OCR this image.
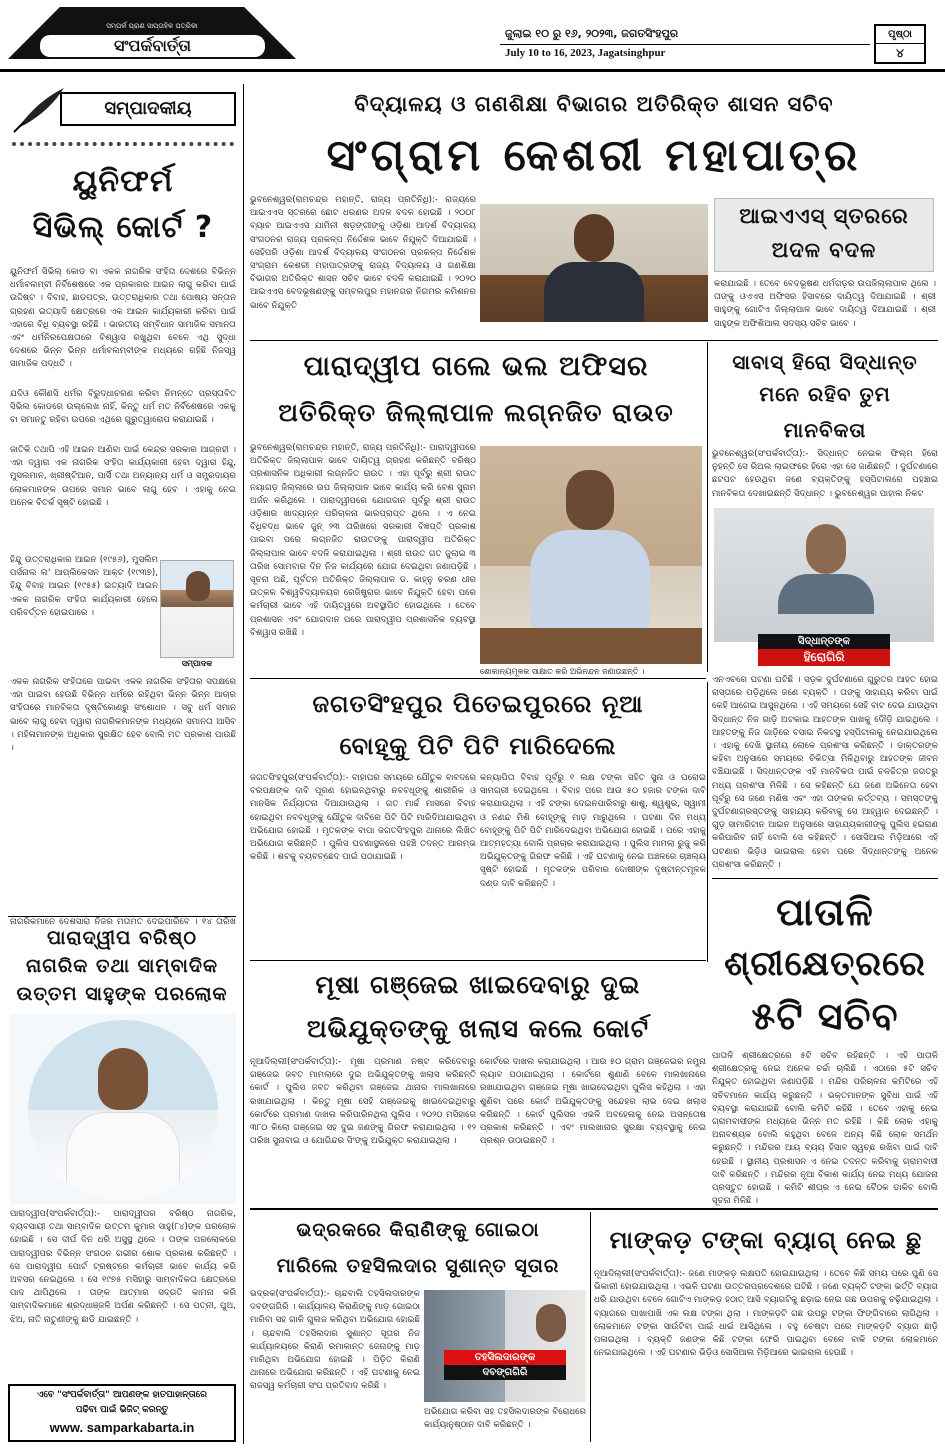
ସମ୍ପର୍କ ପ୍ରାଣ ସାପ୍ତାହିକ ପତ୍ରିକା
ସଂପର୍କବାର୍ତ୍ତା
ଜୁଲାଇ ୧୦ ରୁ ୧୬, ୨୦୨୩, ଜଗତସିଂହପୁର
July 10 to 16, 2023, Jagatsinghpur
ପୃଷ୍ଠା
୪
ସମ୍ପାଦକୀୟ
ୟୁନିଫର୍ମ
ସିଭିଲ୍ କୋର୍ଟ ?
ୟୁନିଫର୍ମ ସିଭିଲ୍ କୋଡ ବା ଏକକ ନାଗରିକ ସଂହିତା ଦେଶରେ ବିଭିନ୍ନ ଧର୍ମାବଲମ୍ବୀ ନିର୍ବିଶେଷରେ ଏକ ପ୍ରକାରର ଆଇନ ଲାଗୁ କରିବା ପାଇଁ ଉଦ୍ଦିଷ୍ଟ । ବିବାହ, ଛାଡପତ୍ର, ଉତ୍ତରାଧିକାର ତଥା ପୋଷ୍ୟ ସନ୍ତାନ ଗ୍ରହଣ ଇତ୍ୟାଦି କ୍ଷେତ୍ରରେ ଏକ ଆଇନ କାର୍ଯ୍ୟକାରୀ କରିବା ପାଇଁ ଏହାରେ ବିଧି ବ୍ୟବସ୍ଥା ରହିଛି । ଭାରତୀୟ ସମ୍ବିଧାନ ସାମାଜିକ ସମାନତା ଏବଂ ଧର୍ମନିରପେକ୍ଷତାରେ ବିଶ୍ୱାସ ରଖୁଥିବା ବେଳେ ଏଥି ସୁଦ୍ଧା ଦେଶରେ ଭିନ୍ନ ଭିନ୍ନ ଧର୍ମାବଲମ୍ବୀଙ୍କ ମଧ୍ୟରେ ରହିଛି ନିଜସ୍ୱ ସାମାଜିକ ପଦ୍ଧତି ।
ଯଦିଓ କୌଣସି ଧର୍ମର ବିରୁଦ୍ଧାଚରଣ କରିବା ନିମନ୍ତେ ପ୍ରସ୍ତାବିତ ସିଭିଲ କୋଡରେ ଉଲ୍ଲେଖ ନାହିଁ, କିନ୍ତୁ ଧର୍ମ ମତ ନିର୍ବିଶେଷରେ ଏକକୁ ବା ସମାନତୁ ରହିବା ଉପରେ ଏଥିରେ ଗୁରୁତ୍ୱାରୋପ କରାଯାଇଛି ।
ଜାତିକି ତଥାପି ଏହି ଆଇନ ଆଣିବା ପାଇଁ କେନ୍ଦ୍ର ସରକାର ଆଗ୍ରହୀ । ଏହା ଦ୍ୱାରା ଏକ ନାଗରିକ ସଂହିତା କାର୍ଯ୍ୟକାରୀ ହେବା ଦ୍ୱାରା ହିନ୍ଦୁ, ମୁସଲମାନ, ଖ୍ରୀଷ୍ଟିଆନ, ପାର୍ସି ତଥା ଅନ୍ୟାନ୍ୟ ଧର୍ମ ଓ ସମ୍ପ୍ରଦାୟର ଲୋକମାନଙ୍କ ଉପରେ ସମାନ ଭାବେ ଲାଗୁ ହେବ । ଏହାକୁ ନେଇ ଅନେକ ବିତର୍କ ସୃଷ୍ଟି ହୋଇଛି ।
ହିନ୍ଦୁ ଉତ୍ତରାଧିକାର ଆଇନ (୧୯୫୬), ମୁସଲିମ ପର୍ସନାଲ ଲ' ଆପ୍ଲିକେସନ ଆକ୍ଟ (୧୯୩୭), ହିନ୍ଦୁ ବିବାହ ଆଇନ (୧୯୫୫) ଇତ୍ୟାଦି ଆଇନ ଏକକ ନାଗରିକ ସଂହିତା କାର୍ଯ୍ୟକାରୀ ହେଲେ ପରିବର୍ତ୍ତନ ହୋଇପାରେ ।
ସମ୍ପାଦକ
ଏକକ ନାଗରିକ ସଂହିତାରେ ପାଇବା ଏକକ ନାଗରିକ ସଂହିତାର ସପକ୍ଷରେ ଏହା ପାଇବା ହେଉଛି ବିଭିନ୍ନ ଧର୍ମରେ ରହିଥିବା ଭିନ୍ନ ଭିନ୍ନ ଆଚାର ସଂହିତାରେ ମାନବିକତା ଦୃଷ୍ଟିକୋଣରୁ ସଂଶୋଧନ । ସବୁ ଧର୍ମ ସମାନ ଭାବେ ଲାଗୁ ହେବା ଦ୍ୱାରା ନାଗରିକମାନଙ୍କ ମଧ୍ୟରେ ସମାନତା ଆସିବ । ମହିଳାମାନଙ୍କ ଅଧିକାର ସୁରକ୍ଷିତ ହେବ ବୋଲି ମତ ପ୍ରକାଶ ପାଉଛି ।
ନାଗରିକମାନେ ଦେଶସାରା ନିଜର ମତାମତ ଦେଇପାରିବେ । ୧୪ ତାରିଖ
ପାରାଦ୍ୱୀପ ବରିଷ୍ଠ
ନାଗରିକ ତଥା ସାମ୍ବାଦିକ
ଉତ୍ତମ ସାହୁଙ୍କ ପରଲୋକ
ପାରାଦ୍ୱୀପ(ସଂପର୍କବାର୍ତ୍ତା):- ପାରାଦ୍ୱୀପର ବରିଷ୍ଠ ନାଗରିକ, ବ୍ୟବସାୟୀ ତଥା ସାମ୍ବାଦିକ ଉତ୍ତମ କୁମାର ସାହୁ(୮୪)ଙ୍କ ପରଲୋକ ହୋଇଛି । ସେ ଦୀର୍ଘ ଦିନ ଧରି ଅସୁସ୍ଥ ଥିଲେ । ତାଙ୍କ ପରଲୋକରେ ପାରାଦ୍ୱୀପର ବିଭିନ୍ନ ସଂଗଠନ ଗଭୀର ଶୋକ ପ୍ରକାଶ କରିଛନ୍ତି । ସେ ପାରାଦ୍ୱୀପ ପୋର୍ଟ ଟ୍ରଷ୍ଟରେ କର୍ମଚାରୀ ଭାବେ କାର୍ଯ୍ୟ କରି ଅବସର ନେଇଥିଲେ । ସେ ୧୯୭୫ ମସିହାରୁ ସାମ୍ବାଦିକତା କ୍ଷେତ୍ରରେ ପାଦ ଥାପିଥିଲେ । ତାଙ୍କ ଆତ୍ମାର ସଦ୍‌ଗତି କାମନା କରି ସାମ୍ବାଦିକମାନେ ଶ୍ରଦ୍ଧାଞ୍ଜଳି ଅର୍ପଣ କରିଛନ୍ତି । ସେ ପତ୍ନୀ, ପୁଅ, ଝିଅ, ନାତି ନାତୁଣୀଙ୍କୁ ଛାଡି ଯାଇଛନ୍ତି ।
ଏବେ "ସଂପର୍କବାର୍ତ୍ତା" ଆପଣଙ୍କ ହାତପାହାନ୍ତାରେ
ପଢିବା ପାଇଁ ଭିଜିଟ୍ କରନ୍ତୁ
www. samparkabarta.in
ବିଦ୍ୟାଳୟ ଓ ଗଣଶିକ୍ଷା ବିଭାଗର ଅତିରିକ୍ତ ଶାସନ ସଚିବ
ସଂଗ୍ରାମ କେଶରୀ ମହାପାତ୍ର
ଭୁବନେଶ୍ୱର(ରାମଚନ୍ଦ୍ର ମହାନ୍ତି, ରାଜ୍ୟ ପ୍ରତିନିଧି):- ରାଜ୍ୟରେ ଆଇଏଏସ ସ୍ତରରେ ଛୋଟ ଧରଣର ଅଦଳ ବଦଳ ହୋଇଛି । ୨୦୦୮ ବ୍ୟାଚ ଆଇଏଏସ ଯାମିନୀ ଷଡ଼ଙ୍ଗୀଙ୍କୁ ଓଡ଼ିଶା ଆଦର୍ଶ ବିଦ୍ୟାଳୟ ସଂଗଠନର ରାଜ୍ୟ ପ୍ରକଳ୍ପ ନିର୍ଦ୍ଦେଶକ ଭାବେ ନିଯୁକ୍ତି ଦିଆଯାଇଛି । ସେହିପରି ଓଡ଼ିଶା ଆଦର୍ଶ ବିଦ୍ୟାଳୟ ସଂଗଠନର ପ୍ରକଳ୍ପ ନିର୍ଦ୍ଦେଶକ ସଂଗ୍ରାମ କେଶରୀ ମହାପାତ୍ରଙ୍କୁ ରାଜ୍ୟ ବିଦ୍ୟାଳୟ ଓ ଗଣଶିକ୍ଷା ବିଭାଗର ଅତିରିକ୍ତ ଶାସନ ସଚିବ ଭାବେ ବଦଳି କରାଯାଇଛି । ୨୦୨୦ ଆଇଏଏସ ବେଦଭୂଷଣଙ୍କୁ ସମ୍ବଲପୁର ମହାନଗର ନିଗମର କମିଶନର ଭାବେ ନିଯୁକ୍ତି
ଆଇଏଏସ୍ ସ୍ତରରେ
ଅଦଳ ବଦଳ
କରାଯାଇଛି । ତେବେ ବେଦଭୂଷଣ ଧର୍ମଗଡ଼ର ଉପଜିଲ୍ଲାପାଳ ଥିଲେ । ତାଙ୍କୁ ଓଏଏସ ଅଫିସର ହିସାବରେ ଦାୟିତ୍ୱ ଦିଆଯାଇଛି । ଶ୍ରୀ ସାହୁଙ୍କୁ ଗୋଟିଏ ଜିଲ୍ଲାପାଳ ଭାବେ ଦାୟିତ୍ୱ ଦିଆଯାଇଛି । ଶ୍ରୀ ସାହୁଙ୍କ ଅଫିଶିଆଲ ସଦସ୍ୟ ସଚିବ ଭାବେ ।
ପାରାଦ୍ୱୀପ ଗଲେ ଭଲ ଅଫିସର
ଅତିରିକ୍ତ ଜିଲ୍ଲାପାଳ ଲଗ୍ନଜିତ ରାଉତ
ଭୁବନେଶ୍ୱର(ରାମଚନ୍ଦ୍ର ମହାନ୍ତି, ରାଜ୍ୟ ପ୍ରତିନିଧି):- ପାରାଦ୍ୱୀପରେ ଅତିରିକ୍ତ ଜିଲ୍ଲାପାଳ ଭାବେ ଦାୟିତ୍ୱ ଗ୍ରହଣ କରିଛନ୍ତି ବରିଷ୍ଠ ପ୍ରଶାସନିକ ଅଧିକାରୀ ଲଗ୍ନଜିତ ରାଉତ । ଏହା ପୂର୍ବରୁ ଶ୍ରୀ ରାଉତ ନୟାଗଡ଼ ଜିଲ୍ଲାରେ ଉପ ଜିଲ୍ଲାପାଳ ଭାବେ କାର୍ଯ୍ୟ କରି ବେଶ ସୁନାମ ଅର୍ଜନ କରିଥିଲେ । ପାରାଦ୍ୱୀପରେ ଯୋଗଦାନ ପୂର୍ବରୁ ଶ୍ରୀ ରାଉତ ଓଡ଼ିଶାର ଖାଦ୍ୟାନ୍ନ ପରିଚାଳନା ଭାରପ୍ରାପ୍ତ ଥିଲେ । ଏ ନେଇ ବିଧିବଦ୍ଧ ଭାବେ ଜୁନ୍ ୨୩ ତାରିଖରେ ସରକାରୀ ବିଜ୍ଞପ୍ତି ପ୍ରକାଶ ପାଇବା ପରେ ଲଗ୍ନଜିତ ରାଉତଙ୍କୁ ପାରାଦ୍ୱୀପ ଅତିରିକ୍ତ ଜିଲ୍ଲାପାଳ ଭାବେ ବଦଳି କରାଯାଇଥିଲା । ଶ୍ରୀ ରାଉତ ଗତ ଜୁଲାଇ ୩ ତାରିଖ ସୋମବାର ଦିନ ନିଜ କାର୍ଯ୍ୟରେ ଯୋଗ ଦେଇଥିବା ଜଣାପଡ଼ିଛି । ସୂଚନା ଅଛି, ପୂର୍ବତନ ଅତିରିକ୍ତ ଜିଲ୍ଲାପାଳ ଡ. କାହ୍ନୁ ଚରଣ ଧୀର ଉତ୍କଳ ବିଶ୍ୱବିଦ୍ୟାଳୟର ରେଜିଷ୍ଟ୍ରାର ଭାବେ ନିଯୁକ୍ତି ହେବା ପରେ କର୍ମଚାରୀ ଭାବେ ଏହି ଦାୟିତ୍ୱରେ ଅବସ୍ଥାପିତ ହୋଇଥିଲେ । ତେବେ ପ୍ରଶାସନ ଏବଂ ଯୋଗଦାନ ପରେ ପାରାଦ୍ୱୀପ ପ୍ରଶାସନିକ ବ୍ୟବସ୍ଥା ବିଶ୍ୱାସ ରଖିଛି ।
ଶୋକାନ୍ୟମୂଳକ ସାକ୍ଷାତ କରି ଅଭିନନ୍ଦନ ଜଣାଉଛନ୍ତି ।
ସାବାସ୍ ହିରୋ ସିଦ୍ଧାନ୍ତ
ମନେ ରହିବ ତୁମ
ମାନବିକତା
ଭୁବନେଶ୍ୱର(ସଂପର୍କବାର୍ତ୍ତା):- ସିଦ୍ଧାନ୍ତ ନେଇକ ଫିଲ୍ମ ହିରୋ ନୁହନ୍ତି ସେ ରିଅଲ ଲାଇଫରେ ହିରୋ ଏହା ସେ ଜାଣିଛନ୍ତି । ଦୁର୍ଘଟଣାରେ ଛଟପଟ ହେଉଥିବା ଜଣେ ବ୍ୟକ୍ତିଙ୍କୁ ହସ୍ପିଟାଲରେ ପହଞ୍ଚାଇ ମାନବିକତା ଦେଖାଇଛନ୍ତି ସିଦ୍ଧାନ୍ତ । ଭୁବନେଶ୍ୱର ପାହାଲ ନିକଟ
ସିଦ୍ଧାନ୍ତଙ୍କ
ହିରୋଗିରି
ଏନଏଚରେ ଘଟଣା ଘଟିଛି । ସଡ଼କ ଦୁର୍ଘଟଣାରେ ଗୁରୁତର ଆହତ ହୋଇ ରାସ୍ତାରେ ପଡ଼ିଥିଲେ ଜଣେ ବ୍ୟକ୍ତି । ତାଙ୍କୁ ସାହାଯ୍ୟ କରିବା ପାଇଁ କେହି ଆଗେଇ ଆସୁନଥିଲେ । ଏହି ସମୟରେ ସେହି ବାଟ ଦେଇ ଯାଉଥିବା ସିଦ୍ଧାନ୍ତ ନିଜ ଗାଡ଼ି ଅଟକାଇ ଆହତଙ୍କ ପାଖକୁ ଦୌଡ଼ି ଯାଇଥିଲେ । ଆହତଙ୍କୁ ନିଜ ଗାଡ଼ିରେ ବସାଇ ନିକଟସ୍ଥ ହସ୍ପିଟାଲକୁ ନେଇଯାଇଥିଲେ । ଏହାକୁ ଦେଖି ସ୍ଥାନୀୟ ଲୋକେ ପ୍ରଶଂସା କରିଛନ୍ତି । ଡାକ୍ତରଙ୍କ କହିବା ଅନୁସାରେ ସମୟରେ ଚିକିତ୍ସା ମିଳିଥିବାରୁ ଆହତଙ୍କ ଜୀବନ ବଞ୍ଚିଯାଇଛି । ସିଦ୍ଧାନ୍ତଙ୍କ ଏହି ମାନବିକତା ପାଇଁ ଚଳଚ୍ଚିତ୍ର ଜଗତରୁ ମଧ୍ୟ ପ୍ରଶଂସା ମିଳିଛି । ସେ କହିଛନ୍ତି ଯେ ଜଣେ ଅଭିନେତା ହେବା ପୂର୍ବରୁ ସେ ଜଣେ ମଣିଷ ଏବଂ ଏହା ତାଙ୍କର କର୍ତ୍ତବ୍ୟ । ସମସ୍ତଙ୍କୁ ଦୁର୍ଘଟଣାଗ୍ରସ୍ତଙ୍କୁ ସାହାଯ୍ୟ କରିବାକୁ ସେ ଆହ୍ୱାନ ଦେଇଛନ୍ତି । ଗୁଡ଼ ସାମାରିଟାନ ଆଇନ ଅନୁସାରେ ସାହାଯ୍ୟକାରୀଙ୍କୁ ପୁଲିସ ହଇରାଣ କରିପାରିବ ନାହିଁ ବୋଲି ସେ କହିଛନ୍ତି । ସୋସିଆଲ ମିଡ଼ିଆରେ ଏହି ଘଟଣାର ଭିଡ଼ିଓ ଭାଇରାଲ ହେବା ପରେ ସିଦ୍ଧାନ୍ତଙ୍କୁ ଅନେକ ପ୍ରଶଂସା କରିଛନ୍ତି ।
ଜଗତସିଂହପୁର ପିତେଇପୁରରେ ନୂଆ
ବୋହୂକୁ ପିଟି ପିଟି ମାରିଦେଲେ
ଜଗତସିଂହପୁର(ସଂପର୍କବାର୍ତ୍ତା):- ବାହାଘର ସମୟରେ ଯୌତୁକ ବାବଦରେ ବରପକ୍ଷଙ୍କ ଦାବି ପୂରଣ ହୋଇନଥିବାରୁ ନବବଧୂଙ୍କୁ ଶାରୀରିକ ଓ ମାନସିକ ନିର୍ଯ୍ୟାତନା ଦିଆଯାଉଥିଲା । ଗତ ମାର୍ଚ୍ଚ ମାସରେ ବିବାହ ହୋଇଥିବା ନବବଧୂଙ୍କୁ ଯୌତୁକ ଦାବିରେ ପିଟି ପିଟି ମାରିଦିଆଯାଇଥିବା ଅଭିଯୋଗ ହୋଇଛି । ମୃତକଙ୍କ ବାପା ଜଗତସିଂହପୁର ଥାନାରେ ଲିଖିତ ଅଭିଯୋଗ କରିଛନ୍ତି । ପୁଲିସ ଘଟଣାସ୍ଥଳରେ ପହଞ୍ଚି ତଦନ୍ତ ଆରମ୍ଭ କରିଛି । ଶବକୁ ବ୍ୟବଚ୍ଛେଦ ପାଇଁ ପଠାଯାଇଛି ।
କନ୍ୟାପିତା ବିବାହ ପୂର୍ବରୁ ୧ ଲକ୍ଷ ଟଙ୍କା ସହିତ ସୁନା ଓ ଘରୋଇ ସାମଗ୍ରୀ ଦେଇଥିଲେ । ବିବାହ ପରେ ଆଉ ୫୦ ହଜାର ଟଙ୍କା ଦାବି କରାଯାଉଥିଲା । ଏହି ଟଙ୍କା ଦେଇନପାରିବାରୁ ଶାଶୁ, ଶ୍ୱଶୁର, ସ୍ୱାମୀ ଓ ନଣନ୍ଦ ମିଶି ବୋହୂଙ୍କୁ ମାଡ଼ ମାରୁଥିଲେ । ଘଟଣା ଦିନ ମଧ୍ୟ ବୋହୂଙ୍କୁ ପିଟି ପିଟି ମାରିଦେଇଥିବା ଅଭିଯୋଗ ହୋଇଛି । ପରେ ଏହାକୁ ଆତ୍ମହତ୍ୟା ବୋଲି ପ୍ରଚାର କରାଯାଇଥିଲା । ପୁଲିସ ମାମଲା ରୁଜୁ କରି ଅଭିଯୁକ୍ତଙ୍କୁ ଗିରଫ କରିଛି । ଏହି ଘଟଣାକୁ ନେଇ ଅଞ୍ଚଳରେ ଚାଞ୍ଚଲ୍ୟ ସୃଷ୍ଟି ହୋଇଛି । ମୃତକଙ୍କ ପରିବାର ଦୋଷୀଙ୍କ ଦୃଷ୍ଟାନ୍ତମୂଳକ ଦଣ୍ଡ ଦାବି କରିଛନ୍ତି ।
ମୂଷା ଗଞ୍ଜେଇ ଖାଇଦେବାରୁ ଦୁଇ
ଅଭିଯୁକ୍ତଙ୍କୁ ଖଲାସ କଲେ କୋର୍ଟ
ନୂଆଦିଲ୍ଲୀ(ସଂପର୍କବାର୍ତ୍ତା):- ମୂଷା ପ୍ରମାଣ ନଷ୍ଟ କରିଦେବାରୁ ଗଞ୍ଜେଇ ଜବତ ମାମଲାରେ ଦୁଇ ଅଭିଯୁକ୍ତଙ୍କୁ ଖଲାସ କରିଛନ୍ତି କୋର୍ଟ । ପୁଲିସ ଜବତ କରିଥିବା ଗଞ୍ଜେଇ ଥାନାର ମାଲଖାନାରେ ରଖାଯାଇଥିଲା । କିନ୍ତୁ ମୂଷା ସେହି ଗଞ୍ଜେଇକୁ ଖାଇଦେଇଥିବାରୁ କୋର୍ଟରେ ପ୍ରମାଣ ଦାଖଲ କରିପାରିନଥିଲା ପୁଲିସ । ୨୦୨୦ ମସିହାରେ ୩୮୦ କିଲୋ ଗଞ୍ଜେଇ ସହ ଦୁଇ ଜଣଙ୍କୁ ଗିରଫ କରାଯାଇଥିଲା । ୧୨ ତାରିଖ ସୁନାବାଇ ଓ ଯୋଗିନ୍ଦର ସିଂଙ୍କୁ ଅଭିଯୁକ୍ତ କରାଯାଇଥିଲା ।
କୋର୍ଟରେ ଦାଖଲ କରାଯାଇଥିଲା । ଆଉ ୫୦ ଗ୍ରାମ ଗଞ୍ଜେଇର ନମୁନା ଲ୍ୟାବ ପଠାଯାଇଥିଲା । କୋର୍ଟରେ ଶୁଣାଣି ବେଳେ ମାଲଖାନାରେ ରଖାଯାଇଥିବା ଗଞ୍ଜେଇ ମୂଷା ଖାଇଦେଇଥିବା ପୁଲିସ କହିଥିଲା । ଏହା ଶୁଣିବା ପରେ କୋର୍ଟ ଅଭିଯୁକ୍ତଙ୍କୁ ସନ୍ଦେହର ଲାଭ ଦେଇ ଖଲାସ କରିଛନ୍ତି । କୋର୍ଟ ପୁଲିସର ଏଭଳି ଅବହେଳାକୁ ନେଇ ଅସନ୍ତୋଷ ପ୍ରକାଶ କରିଛନ୍ତି । ଏବଂ ମାଲଖାନାର ସୁରକ୍ଷା ବ୍ୟବସ୍ଥାକୁ ନେଇ ପ୍ରଶ୍ନ ଉଠାଇଛନ୍ତି ।
ପାତାଳି
ଶ୍ରୀକ୍ଷେତ୍ରରେ
୫ଟି ସଚିବ
ପାତାଳି ଶ୍ରୀକ୍ଷେତ୍ରରେ ୫ଟି ସଚିବ ରହିଛନ୍ତି । ଏହି ପାତାଳି ଶ୍ରୀକ୍ଷେତ୍ରକୁ ନେଇ ଅନେକ ଚର୍ଚ୍ଚା ଚାଲିଛି । ଏଠାରେ ୫ଟି ସଚିବ ନିଯୁକ୍ତ ହୋଇଥିବା ଜଣାପଡ଼ିଛି । ମନ୍ଦିର ପରିଚାଳନା କମିଟିରେ ଏହି ସଚିବମାନେ କାର୍ଯ୍ୟ କରୁଛନ୍ତି । ଭକ୍ତମାନଙ୍କ ସୁବିଧା ପାଇଁ ଏହି ବ୍ୟବସ୍ଥା କରାଯାଇଛି ବୋଲି କମିଟି କହିଛି । ତେବେ ଏହାକୁ ନେଇ ଗ୍ରାମବାସୀଙ୍କ ମଧ୍ୟରେ ଭିନ୍ନ ମତ ରହିଛି । କିଛି ଲୋକ ଏହାକୁ ଅନାବଶ୍ୟକ ବୋଲି କହୁଥିବା ବେଳେ ଅନ୍ୟ କିଛି ଲୋକ ସମର୍ଥନ କରୁଛନ୍ତି । ମନ୍ଦିରର ଆୟ ବ୍ୟୟ ହିସାବ ସ୍ୱଚ୍ଛ ରଖିବା ପାଇଁ ଦାବି ହେଉଛି । ସ୍ଥାନୀୟ ପ୍ରଶାସନ ଏ ନେଇ ତଦନ୍ତ କରିବାକୁ ଗ୍ରାମବାସୀ ଦାବି କରିଛନ୍ତି । ମନ୍ଦିରର ନୂଆ ବିକାଶ କାର୍ଯ୍ୟ ନେଇ ମଧ୍ୟ ଯୋଜନା ପ୍ରସ୍ତୁତ ହୋଇଛି । କମିଟି ଶୀଘ୍ର ଏ ନେଇ ବୈଠକ ଡାକିବ ବୋଲି ସୂଚନା ମିଳିଛି ।
ଭଦ୍ରକରେ କିରାଣିଙ୍କୁ ଗୋଇଠା
ମାରିଲେ ତହସିଲଦାର ସୁଶାନ୍ତ ସୂତାର
ଭଦ୍ରକ(ସଂପର୍କବାର୍ତ୍ତା):- ଚାନ୍ଦବାଲି ତହସିଲଦାରଙ୍କ ଦବଙ୍ଗଗିରି । କାର୍ଯ୍ୟାଳୟ କିରାଣିଙ୍କୁ ମାଡ଼ ଗୋଇଠା ମାରିବା ସହ ଗାଳି ଗୁଲଜ କରିଥିବା ଅଭିଯୋଗ ହୋଇଛି । ଚାନ୍ଦବାଲି ତହସିଲଦାର ସୁଶାନ୍ତ ସୂତାର ନିଜ କାର୍ଯ୍ୟାଳୟରେ କିରାଣି ରମାକାନ୍ତ ଜେନାଙ୍କୁ ମାଡ଼ ମାରିଥିବା ଅଭିଯୋଗ ହୋଇଛି । ପିଡ଼ିତ କିରାଣି ଥାନାରେ ଅଭିଯୋଗ କରିଛନ୍ତି । ଏହି ଘଟଣାକୁ ନେଇ ରାଜସ୍ୱ କର୍ମଚାରୀ ସଂଘ ପ୍ରତିବାଦ କରିଛି ।
ତହସିଲଦାରଙ୍କ
ଦବଙ୍ଗଗିରି
ଅଭିଯୋଗ କରିବା ସହ ତହସିଲଦାରଙ୍କ ବିରୋଧରେ କାର୍ଯ୍ୟାନୁଷ୍ଠାନ ଦାବି କରିଛନ୍ତି ।
ମାଙ୍କଡ଼ ଟଙ୍କା ବ୍ୟାଗ୍ ନେଇ ଛୁ
ନୂଆଦିଲ୍ଲୀ(ସଂପର୍କବାର୍ତ୍ତା):- ଜଣେ ମାଙ୍କଡ଼ ଲକ୍ଷପତି ହୋଇଯାଇଥିଲା । ତେବେ କିଛି ସମୟ ପରେ ପୁଣି ସେ ଭିକାରୀ ହୋଇଯାଇଥିଲା । ଏଭଳି ଘଟଣା ଉତ୍ତରପ୍ରଦେଶରେ ଘଟିଛି । ଜଣେ ବ୍ୟକ୍ତି ଟଙ୍କା ଭର୍ତ୍ତି ବ୍ୟାଗ ଧରି ଯାଉଥିବା ବେଳେ ଗୋଟିଏ ମାଙ୍କଡ଼ ହଠାତ୍ ଆସି ବ୍ୟାଗଟିକୁ ଛଡ଼ାଇ ନେଇ ଗଛ ଉପରକୁ ଚଢ଼ିଯାଇଥିଲା । ବ୍ୟାଗରେ ପାଖାପାଖି ଏକ ଲକ୍ଷ ଟଙ୍କା ଥିଲା । ମାଙ୍କଡ଼ଟି ଗଛ ଉପରୁ ଟଙ୍କା ଫିଙ୍ଗିବାରେ ଲାଗିଥିଲା । ଲୋକମାନେ ଟଙ୍କା ସାଉଁଟିବା ପାଇଁ ଧାଇଁ ଆସିଥିଲେ । ବହୁ ଚେଷ୍ଟା ପରେ ମାଙ୍କଡ଼ଟି ବ୍ୟାଗ ଛାଡ଼ି ପଳାଇଥିଲା । ବ୍ୟକ୍ତି ଜଣଙ୍କ କିଛି ଟଙ୍କା ଫେରି ପାଇଥିବା ବେଳେ ବାକି ଟଙ୍କା ଲୋକମାନେ ନେଇଯାଇଥିଲେ । ଏହି ଘଟଣାର ଭିଡ଼ିଓ ସୋସିଆଲ ମିଡ଼ିଆରେ ଭାଇରାଲ ହେଉଛି ।
